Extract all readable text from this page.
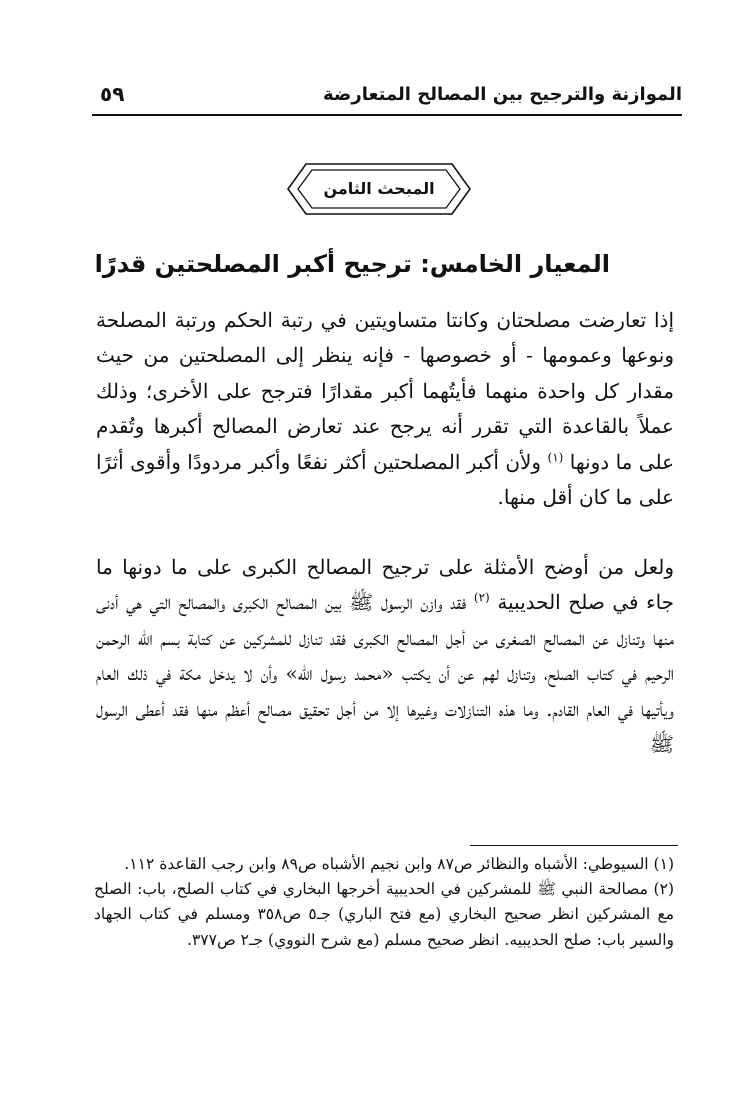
الموازنة والترجيح بين المصالح المتعارضة
٥٩
المبحث الثامن
المعيار الخامس: ترجيح أكبر المصلحتين قدرًا

إذا تعارضت مصلحتان وكانتا متساويتين في رتبة الحكم ورتبة المصلحة ونوعها وعمومها - أو خصوصها - فإنه ينظر إلى المصلحتين من حيث مقدار كل واحدة منهما فأيتُهما أكبر مقدارًا فترجح على الأخرى؛ وذلك عملاً بالقاعدة التي تقرر أنه يرجح عند تعارض المصالح أكبرها وتُقدم على ما دونها $^{(١)}$ ولأن أكبر المصلحتين أكثر نفعًا وأكبر مردودًا وأقوى أثرًا على ما كان أقل منها.

ولعل من أوضح الأمثلة على ترجيح المصالح الكبرى على ما دونها ما جاء في صلح الحديبية $^{(٢)}$ فقد وازن الرسول ﷺ بين المصالح الكبرى والمصالح التي هي أدنى منها وتنازل عن المصالح الصغرى من أجل المصالح الكبرى فقد تنازل للمشركين عن كتابة بسم الله الرحمن الرحيم في كتاب الصلح، وتنازل لهم عن أن يكتب «محمد رسول الله» وأن لا يدخل مكة في ذلك العام ويأتيها في العام القادم. وما هذه التنازلات وغيرها إلا من أجل تحقيق مصالح أعظم منها فقد أعطى الرسول ﷺ

(١) السيوطي: الأشباه والنظائر ص٨٧ وابن نجيم الأشباه ص٨٩ وابن رجب القاعدة ١١٢.

(٢) مصالحة النبي ﷺ للمشركين في الحديبية أخرجها البخاري في كتاب الصلح، باب: الصلح مع المشركين انظر صحيح البخاري (مع فتح الباري) جـ٥ ص٣٥٨ ومسلم في كتاب الجهاد والسير باب: صلح الحديبيه. انظر صحيح مسلم (مع شرح النووي) جـ٢ ص٣٧٧.
